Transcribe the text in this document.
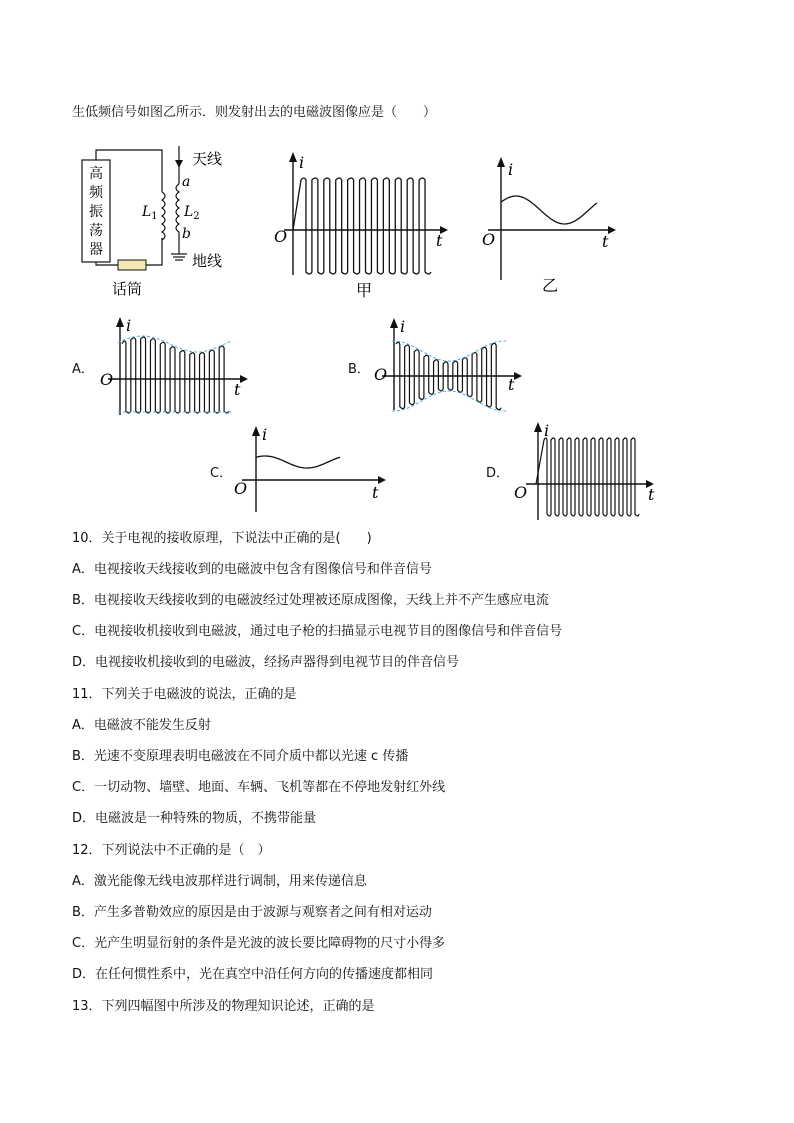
生低频信号如图乙所示．则发射出去的电磁波图像应是（　　）
高频振荡器
天线
地线
话筒
a
b
$L_1$ $L_2$
i
t
O
甲
i
t
O
乙
A．
i
t
O
B．
i
t
O
C．
i
t
O
D．
i
t
O
10．关于电视的接收原理，下说法中正确的是(　　)
A．电视接收天线接收到的电磁波中包含有图像信号和伴音信号
B．电视接收天线接收到的电磁波经过处理被还原成图像，天线上并不产生感应电流
C．电视接收机接收到电磁波，通过电子枪的扫描显示电视节目的图像信号和伴音信号
D．电视接收机接收到的电磁波，经扬声器得到电视节目的伴音信号
11．下列关于电磁波的说法，正确的是
A．电磁波不能发生反射
B．光速不变原理表明电磁波在不同介质中都以光速 c 传播
C．一切动物、墙壁、地面、车辆、飞机等都在不停地发射红外线
D．电磁波是一种特殊的物质，不携带能量
12．下列说法中不正确的是（　）
A．激光能像无线电波那样进行调制，用来传递信息
B．产生多普勒效应的原因是由于波源与观察者之间有相对运动
C．光产生明显衍射的条件是光波的波长要比障碍物的尺寸小得多
D．在任何惯性系中，光在真空中沿任何方向的传播速度都相同
13．下列四幅图中所涉及的物理知识论述，正确的是
